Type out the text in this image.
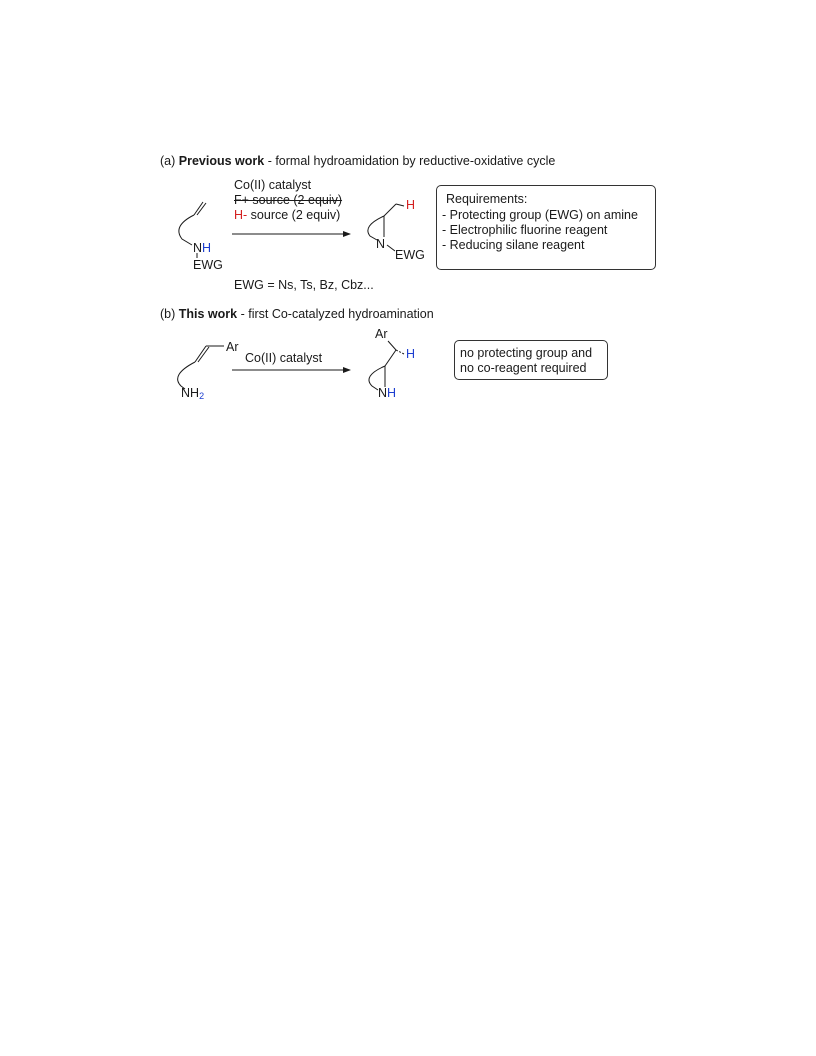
(a) Previous work - formal hydroamidation by reductive-oxidative cycle
Co(II) catalyst
F+ source (2 equiv)
H- source (2 equiv)
NH
EWG
H
N
EWG
EWG = Ns, Ts, Bz, Cbz...
Requirements:
- Protecting group (EWG) on amine
- Electrophilic fluorine reagent
- Reducing silane reagent
(b) This work - first Co-catalyzed hydroamination
Ar
$NH_2$
Co(II) catalyst
Ar
H
NH
no protecting group and
no co-reagent required
